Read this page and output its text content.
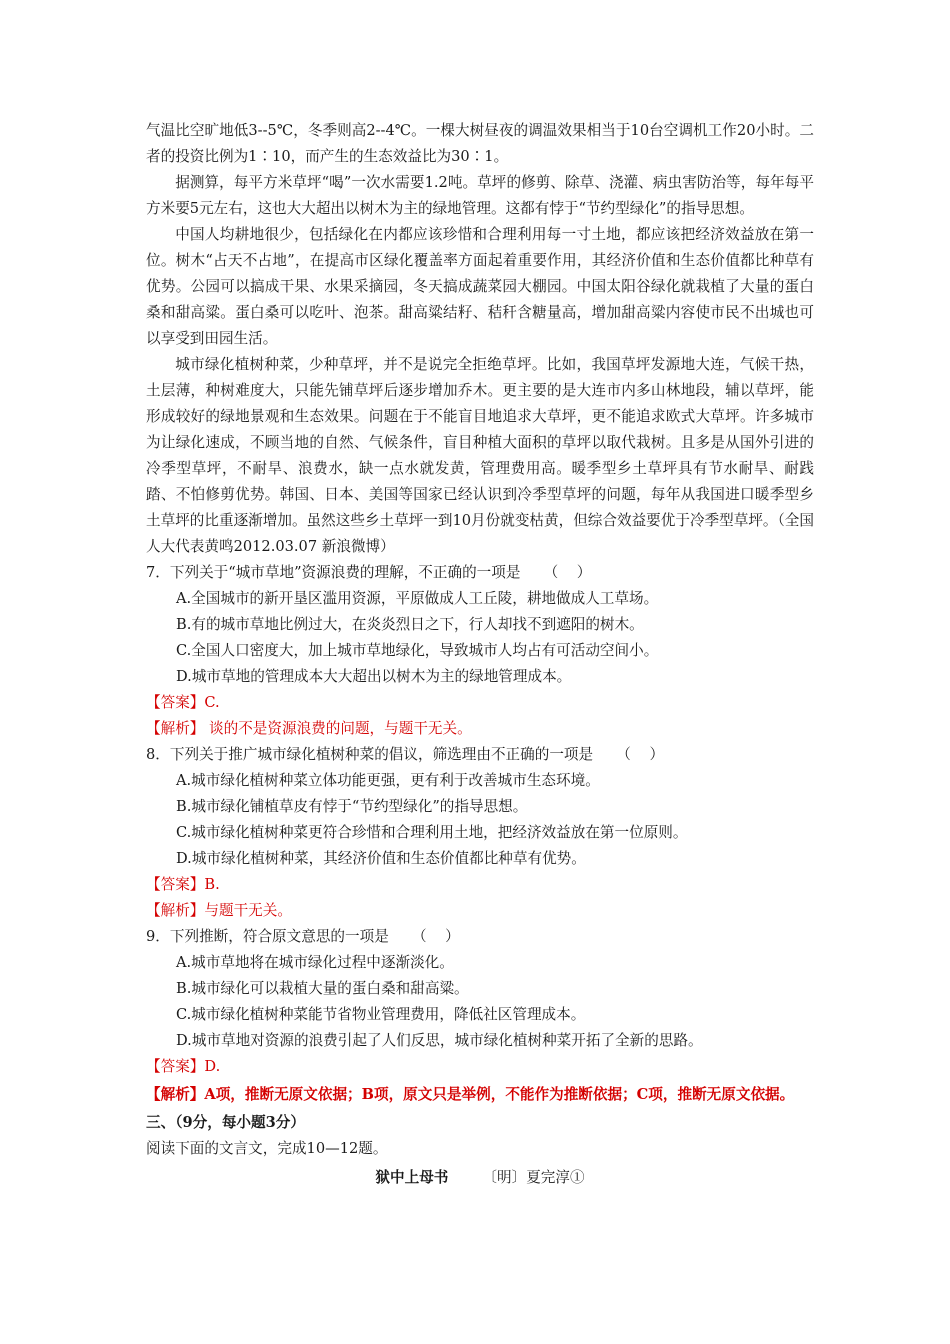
气温比空旷地低3--5℃，冬季则高2--4℃。一棵大树昼夜的调温效果相当于10台空调机工作20小时。二者的投资比例为1∶10，而产生的生态效益比为30∶1。

据测算，每平方米草坪“喝”一次水需要1.2吨。草坪的修剪、除草、浇灌、病虫害防治等，每年每平方米要5元左右，这也大大超出以树木为主的绿地管理。这都有悖于“节约型绿化”的指导思想。

中国人均耕地很少，包括绿化在内都应该珍惜和合理利用每一寸土地，都应该把经济效益放在第一位。树木“占天不占地”，在提高市区绿化覆盖率方面起着重要作用，其经济价值和生态价值都比种草有优势。公园可以搞成干果、水果采摘园，冬天搞成蔬菜园大棚园。中国太阳谷绿化就栽植了大量的蛋白桑和甜高粱。蛋白桑可以吃叶、泡茶。甜高粱结籽、秸秆含糖量高，增加甜高粱内容使市民不出城也可以享受到田园生活。

城市绿化植树种菜，少种草坪，并不是说完全拒绝草坪。比如，我国草坪发源地大连，气候干热，土层薄，种树难度大，只能先铺草坪后逐步增加乔木。更主要的是大连市内多山林地段，辅以草坪，能形成较好的绿地景观和生态效果。问题在于不能盲目地追求大草坪，更不能追求欧式大草坪。许多城市为让绿化速成，不顾当地的自然、气候条件，盲目种植大面积的草坪以取代栽树。且多是从国外引进的冷季型草坪，不耐旱、浪费水，缺一点水就发黄，管理费用高。暖季型乡土草坪具有节水耐旱、耐践踏、不怕修剪优势。韩国、日本、美国等国家已经认识到冷季型草坪的问题，每年从我国进口暖季型乡土草坪的比重逐渐增加。虽然这些乡土草坪一到10月份就变枯黄，但综合效益要优于冷季型草坪。（全国人大代表黄鸣2012.03.07 新浪微博）

7．下列关于“城市草地”资源浪费的理解，不正确的一项是     （    ）

A.全国城市的新开垦区滥用资源，平原做成人工丘陵，耕地做成人工草场。

B.有的城市草地比例过大，在炎炎烈日之下，行人却找不到遮阳的树木。

C.全国人口密度大，加上城市草地绿化，导致城市人均占有可活动空间小。

D.城市草地的管理成本大大超出以树木为主的绿地管理成本。

【答案】C.

【解析】 谈的不是资源浪费的问题，与题干无关。

8．下列关于推广城市绿化植树种菜的倡议，筛选理由不正确的一项是     （    ）

A.城市绿化植树种菜立体功能更强，更有利于改善城市生态环境。

B.城市绿化铺植草皮有悖于“节约型绿化”的指导思想。

C.城市绿化植树种菜更符合珍惜和合理利用土地，把经济效益放在第一位原则。

D.城市绿化植树种菜，其经济价值和生态价值都比种草有优势。

【答案】B.

【解析】与题干无关。

9．下列推断，符合原文意思的一项是     （    ）

A.城市草地将在城市绿化过程中逐渐淡化。

B.城市绿化可以栽植大量的蛋白桑和甜高粱。

C.城市绿化植树种菜能节省物业管理费用，降低社区管理成本。

D.城市草地对资源的浪费引起了人们反思，城市绿化植树种菜开拓了全新的思路。

【答案】D.

【解析】A项，推断无原文依据；B项，原文只是举例，不能作为推断依据；C项，推断无原文依据。

三、（9分，每小题3分）

阅读下面的文言文，完成10—12题。

狱中上母书 〔明〕夏完淳①
